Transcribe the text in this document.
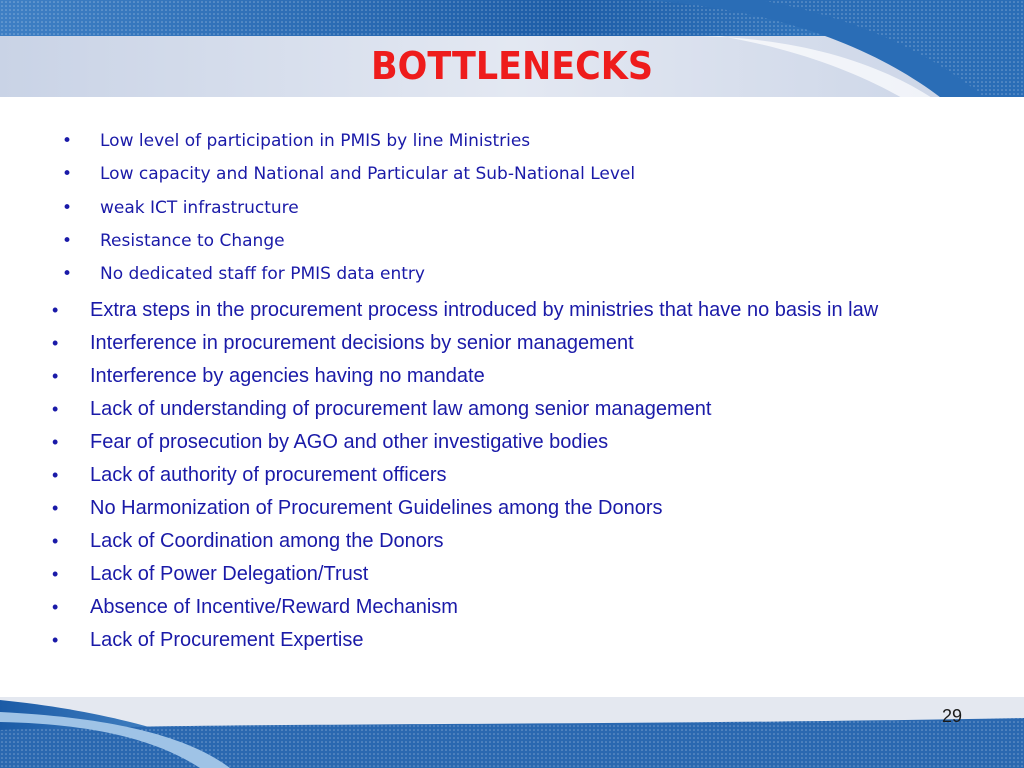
BOTTLENECKS
• Low level of participation in PMIS by line Ministries
• Low capacity and National and Particular at Sub-National Level
• weak ICT infrastructure
• Resistance to Change
• No dedicated staff for PMIS data entry
• Extra steps in the procurement process introduced by ministries that have no basis in law
• Interference in procurement decisions by senior management
• Interference by agencies having no mandate
• Lack of understanding of procurement law among senior management
• Fear of prosecution by AGO and other investigative bodies
• Lack of authority of procurement officers
• No Harmonization of Procurement Guidelines among the Donors
• Lack of Coordination among the Donors
• Lack of Power Delegation/Trust
• Absence of Incentive/Reward Mechanism
• Lack of Procurement Expertise
29
